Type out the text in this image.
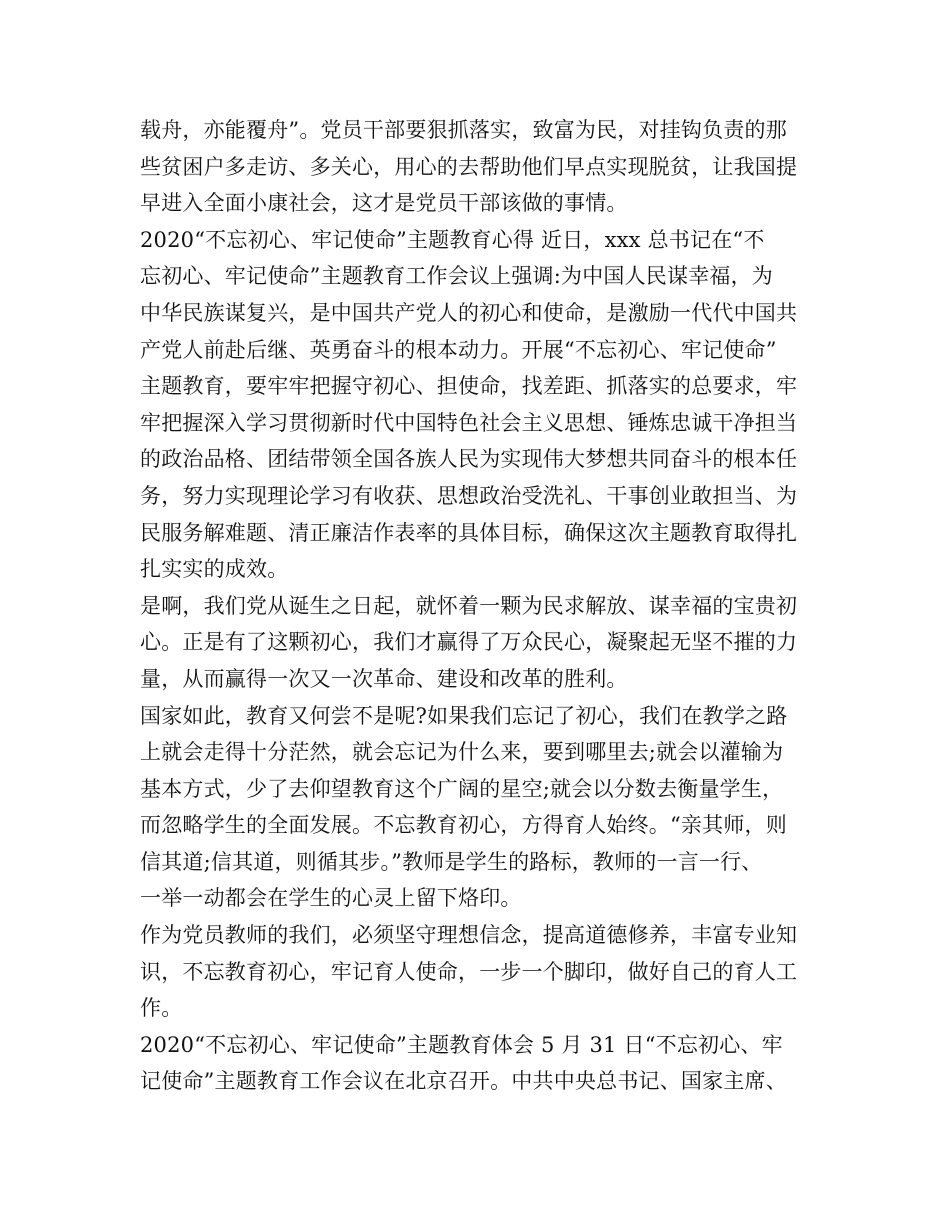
载舟，亦能覆舟”。党员干部要狠抓落实，致富为民，对挂钩负责的那
些贫困户多走访、多关心，用心的去帮助他们早点实现脱贫，让我国提
早进入全面小康社会，这才是党员干部该做的事情。
2020“不忘初心、牢记使命”主题教育心得 近日，xxx 总书记在“不
忘初心、牢记使命”主题教育工作会议上强调:为中国人民谋幸福，为
中华民族谋复兴，是中国共产党人的初心和使命，是激励一代代中国共
产党人前赴后继、英勇奋斗的根本动力。开展“不忘初心、牢记使命”
主题教育，要牢牢把握守初心、担使命，找差距、抓落实的总要求，牢
牢把握深入学习贯彻新时代中国特色社会主义思想、锤炼忠诚干净担当
的政治品格、团结带领全国各族人民为实现伟大梦想共同奋斗的根本任
务，努力实现理论学习有收获、思想政治受洗礼、干事创业敢担当、为
民服务解难题、清正廉洁作表率的具体目标，确保这次主题教育取得扎
扎实实的成效。
是啊，我们党从诞生之日起，就怀着一颗为民求解放、谋幸福的宝贵初
心。正是有了这颗初心，我们才赢得了万众民心，凝聚起无坚不摧的力
量，从而赢得一次又一次革命、建设和改革的胜利。
国家如此，教育又何尝不是呢?如果我们忘记了初心，我们在教学之路
上就会走得十分茫然，就会忘记为什么来，要到哪里去;就会以灌输为
基本方式，少了去仰望教育这个广阔的星空;就会以分数去衡量学生，
而忽略学生的全面发展。不忘教育初心，方得育人始终。“亲其师，则
信其道;信其道，则循其步。”教师是学生的路标，教师的一言一行、
一举一动都会在学生的心灵上留下烙印。
作为党员教师的我们，必须坚守理想信念，提高道德修养，丰富专业知
识，不忘教育初心，牢记育人使命，一步一个脚印，做好自己的育人工
作。
2020“不忘初心、牢记使命”主题教育体会 5 月 31 日“不忘初心、牢
记使命”主题教育工作会议在北京召开。中共中央总书记、国家主席、
